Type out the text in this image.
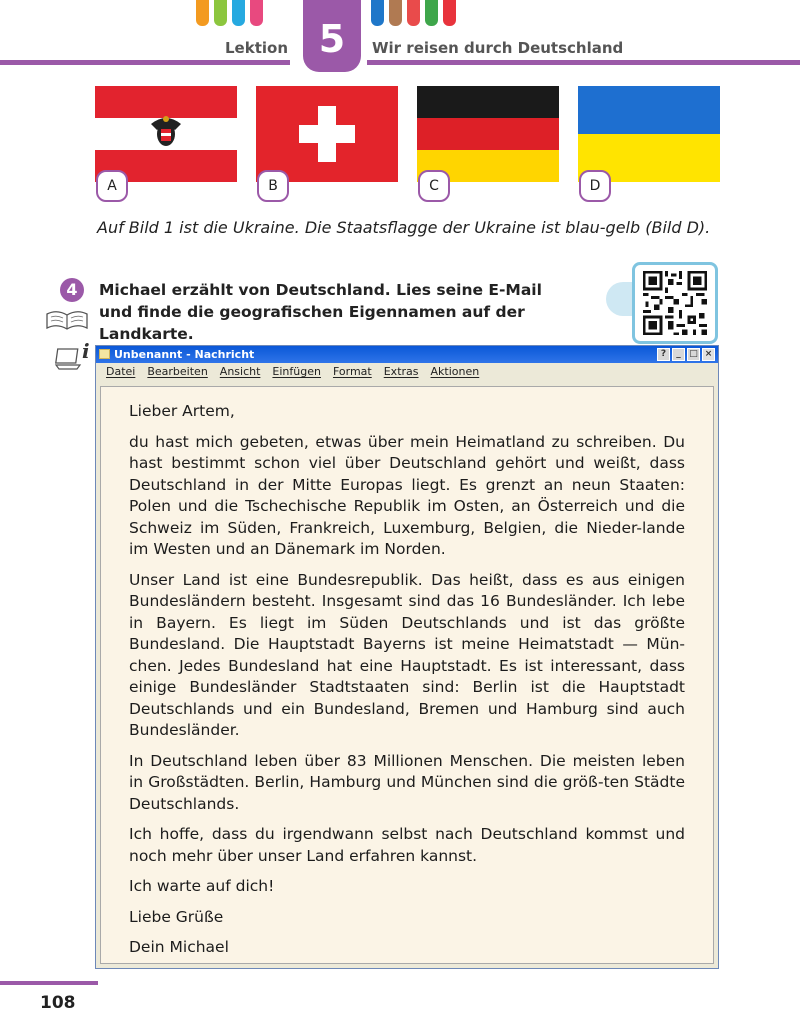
Lektion 5	Wir reisen durch Deutschland
A	B	C	D
Auf Bild 1 ist die Ukraine. Die Staatsflagge der Ukraine ist blau-gelb (Bild D).
4
i
Michael erzählt von Deutschland. Lies seine E-Mail
und finde die geografischen Eigennamen auf der Landkarte.
Unbenannt - Nachricht	?	_ □ ×
Datei Bearbeiten Ansicht Einfügen Format Extras Aktionen

Lieber Artem,

du hast mich gebeten, etwas über mein Heimatland zu schreiben. Du hast bestimmt schon viel über Deutschland gehört und weißt, dass Deutschland in der Mitte Europas liegt. Es grenzt an neun Staaten: Polen und die Tschechische Republik im Osten, an Österreich und die Schweiz im Süden, Frankreich, Luxemburg, Belgien, die Nieder-lande im Westen und an Dänemark im Norden.

Unser Land ist eine Bundesrepublik. Das heißt, dass es aus einigen Bundesländern besteht. Insgesamt sind das 16 Bundesländer. Ich lebe in Bayern. Es liegt im Süden Deutschlands und ist das größte Bundesland. Die Hauptstadt Bayerns ist meine Heimatstadt — Mün-chen. Jedes Bundesland hat eine Hauptstadt. Es ist interessant, dass einige Bundesländer Stadtstaaten sind: Berlin ist die Hauptstadt Deutschlands und ein Bundesland, Bremen und Hamburg sind auch Bundesländer.

In Deutschland leben über 83 Millionen Menschen. Die meisten leben in Großstädten. Berlin, Hamburg und München sind die größ-ten Städte Deutschlands.

Ich hoffe, dass du irgendwann selbst nach Deutschland kommst und noch mehr über unser Land erfahren kannst.

Ich warte auf dich!

Liebe Grüße

Dein Michael

108
